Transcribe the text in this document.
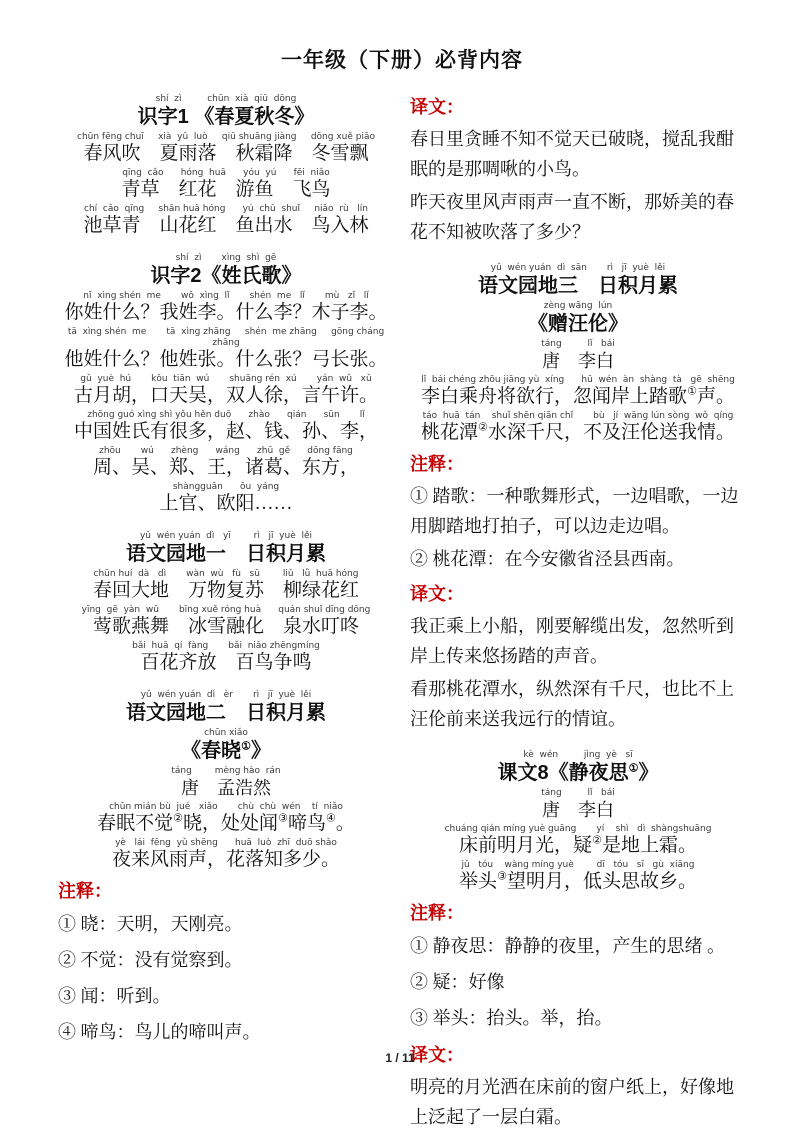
一年级（下册）必背内容
shí  zì         chūn  xià  qiū  dōng
识字1 《春夏秋冬》
chūn fēng chuī     xià  yǔ  luò     qiū shuāng jiàng     dōng xuě piāo
春风吹　夏雨落　秋霜降　冬雪飘
qīng  cǎo      hóng  huā      yóu  yú      fēi  niǎo
青草　红花　游鱼　飞鸟
chí  cǎo  qīng     shān huā hóng      yú  chū  shuǐ     niǎo  rù   lín
池草青　山花红　鱼出水　鸟入林
shí  zì       xìng  shì  gē
识字2《姓氏歌》
nǐ  xìng shén  me       wǒ  xìng  lǐ       shén  me   lǐ       mù   zǐ   lǐ
你姓什么？我姓李。什么李？木子李。
tā  xìng shén  me       tā  xìng zhāng     shén  me zhāng     gōng cháng zhāng
他姓什么？他姓张。什么张？弓长张。
gǔ  yuè  hú       kǒu  tiān  wú       shuāng rén  xú       yán  wǔ   xǔ
古月胡，口天吴，双人徐，言午许。
zhōng guó xìng shì yǒu hěn duō      zhào      qián      sūn       lǐ
中国姓氏有很多，赵、钱、孙、李，
zhōu       wú      zhèng      wáng      zhū  gě      dōng fāng
周、吴、郑、王，诸葛、东方，
shàngguān      ōu  yáng
上官、欧阳……
yǔ  wén yuán  dì   yī        rì   jī  yuè  lěi
语文园地一　日积月累
chūn huí  dà   dì       wàn  wù   fù   sū        liǔ   lǜ  huā hóng
春回大地　万物复苏　柳绿花红
yīng  gē  yàn  wǔ       bīng xuě róng huà      quán shuǐ dīng dōng
莺歌燕舞　冰雪融化　泉水叮咚
bǎi  huā  qí  fàng       bǎi  niǎo zhēngmíng
百花齐放　百鸟争鸣
yǔ  wén yuán  dì   èr       rì   jī  yuè  lěi
语文园地二　日积月累
chūn xiǎo
《春晓①》
táng        mèng hào  rán
唐　孟浩然
chūn mián bù  jué   xiǎo       chù  chù  wén    tí  niǎo
春眠不觉②晓，处处闻③啼鸟④。
yè   lái  fēng  yǔ shēng      huā  luò  zhī  duō shǎo
夜来风雨声，花落知多少。
注释：
① 晓：天明，天刚亮。
② 不觉：没有觉察到。
③ 闻：听到。
④ 啼鸟：鸟儿的啼叫声。
译文：
春日里贪睡不知不觉天已破晓，搅乱我酣眠的是那啁啾的小鸟。
昨天夜里风声雨声一直不断，那娇美的春花不知被吹落了多少？
yǔ  wén yuán  dì  sān       rì   jī  yuè  lěi
语文园地三　日积月累
zèng wāng  lún
《赠汪伦》
táng         lǐ   bái
唐　李白
lǐ  bái chéng zhōu jiāng yù  xíng      hū  wén  àn  shàng  tà   gē  shēng
李白乘舟将欲行，忽闻岸上踏歌①声。
táo  huā  tán    shuǐ shēn qiān chǐ       bù   jí  wāng lún sòng  wǒ  qíng
桃花潭②水深千尺，不及汪伦送我情。
注释：
① 踏歌：一种歌舞形式，一边唱歌，一边用脚踏地打拍子，可以边走边唱。
② 桃花潭：在今安徽省泾县西南。
译文：
我正乘上小船，刚要解缆出发，忽然听到岸上传来悠扬踏的声音。
看那桃花潭水，纵然深有千尺，也比不上汪伦前来送我远行的情谊。
kè  wén         jìng  yè   sī
课文8《静夜思①》
táng         lǐ   bái
唐　李白
chuáng qián míng yuè guāng       yí    shì   dì  shàngshuāng
床前明月光，疑②是地上霜。
jǔ   tóu    wàng míng yuè        dī   tóu   sī   gù  xiāng
举头③望明月，低头思故乡。
注释：
① 静夜思：静静的夜里，产生的思绪 。
② 疑：好像
③ 举头：抬头。举，抬。
译文：
明亮的月光洒在床前的窗户纸上，好像地上泛起了一层白霜。
1 / 11
